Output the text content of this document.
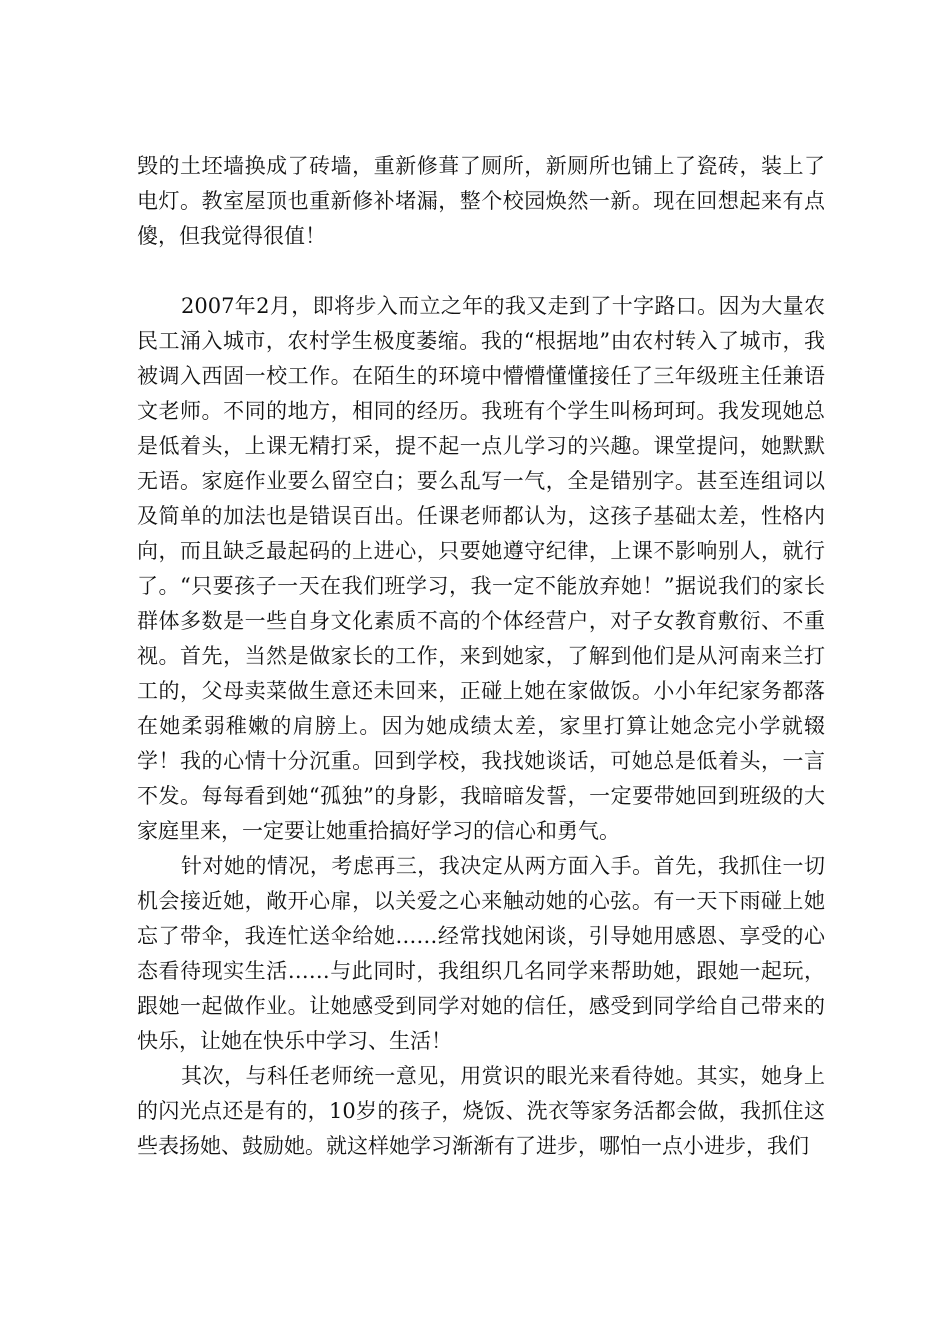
毁的土坯墙换成了砖墙，重新修葺了厕所，新厕所也铺上了瓷砖，装上了电灯。教室屋顶也重新修补堵漏，整个校园焕然一新。现在回想起来有点傻，但我觉得很值！

2007年2月，即将步入而立之年的我又走到了十字路口。因为大量农民工涌入城市，农村学生极度萎缩。我的“根据地”由农村转入了城市，我被调入西固一校工作。在陌生的环境中懵懵懂懂接任了三年级班主任兼语文老师。不同的地方，相同的经历。我班有个学生叫杨珂珂。我发现她总是低着头，上课无精打采，提不起一点儿学习的兴趣。课堂提问，她默默无语。家庭作业要么留空白；要么乱写一气，全是错别字。甚至连组词以及简单的加法也是错误百出。任课老师都认为，这孩子基础太差，性格内向，而且缺乏最起码的上进心，只要她遵守纪律，上课不影响别人，就行了。“只要孩子一天在我们班学习，我一定不能放弃她！”据说我们的家长群体多数是一些自身文化素质不高的个体经营户，对子女教育敷衍、不重视。首先，当然是做家长的工作，来到她家，了解到他们是从河南来兰打工的，父母卖菜做生意还未回来，正碰上她在家做饭。小小年纪家务都落在她柔弱稚嫩的肩膀上。因为她成绩太差，家里打算让她念完小学就辍学！我的心情十分沉重。回到学校，我找她谈话，可她总是低着头，一言不发。每每看到她“孤独”的身影，我暗暗发誓，一定要带她回到班级的大家庭里来，一定要让她重拾搞好学习的信心和勇气。

针对她的情况，考虑再三，我决定从两方面入手。首先，我抓住一切机会接近她，敞开心扉，以关爱之心来触动她的心弦。有一天下雨碰上她忘了带伞，我连忙送伞给她……经常找她闲谈，引导她用感恩、享受的心态看待现实生活……与此同时，我组织几名同学来帮助她，跟她一起玩，跟她一起做作业。让她感受到同学对她的信任，感受到同学给自己带来的快乐，让她在快乐中学习、生活！

其次，与科任老师统一意见，用赏识的眼光来看待她。其实，她身上的闪光点还是有的，10岁的孩子，烧饭、洗衣等家务活都会做，我抓住这些表扬她、鼓励她。就这样她学习渐渐有了进步，哪怕一点小进步，我们
